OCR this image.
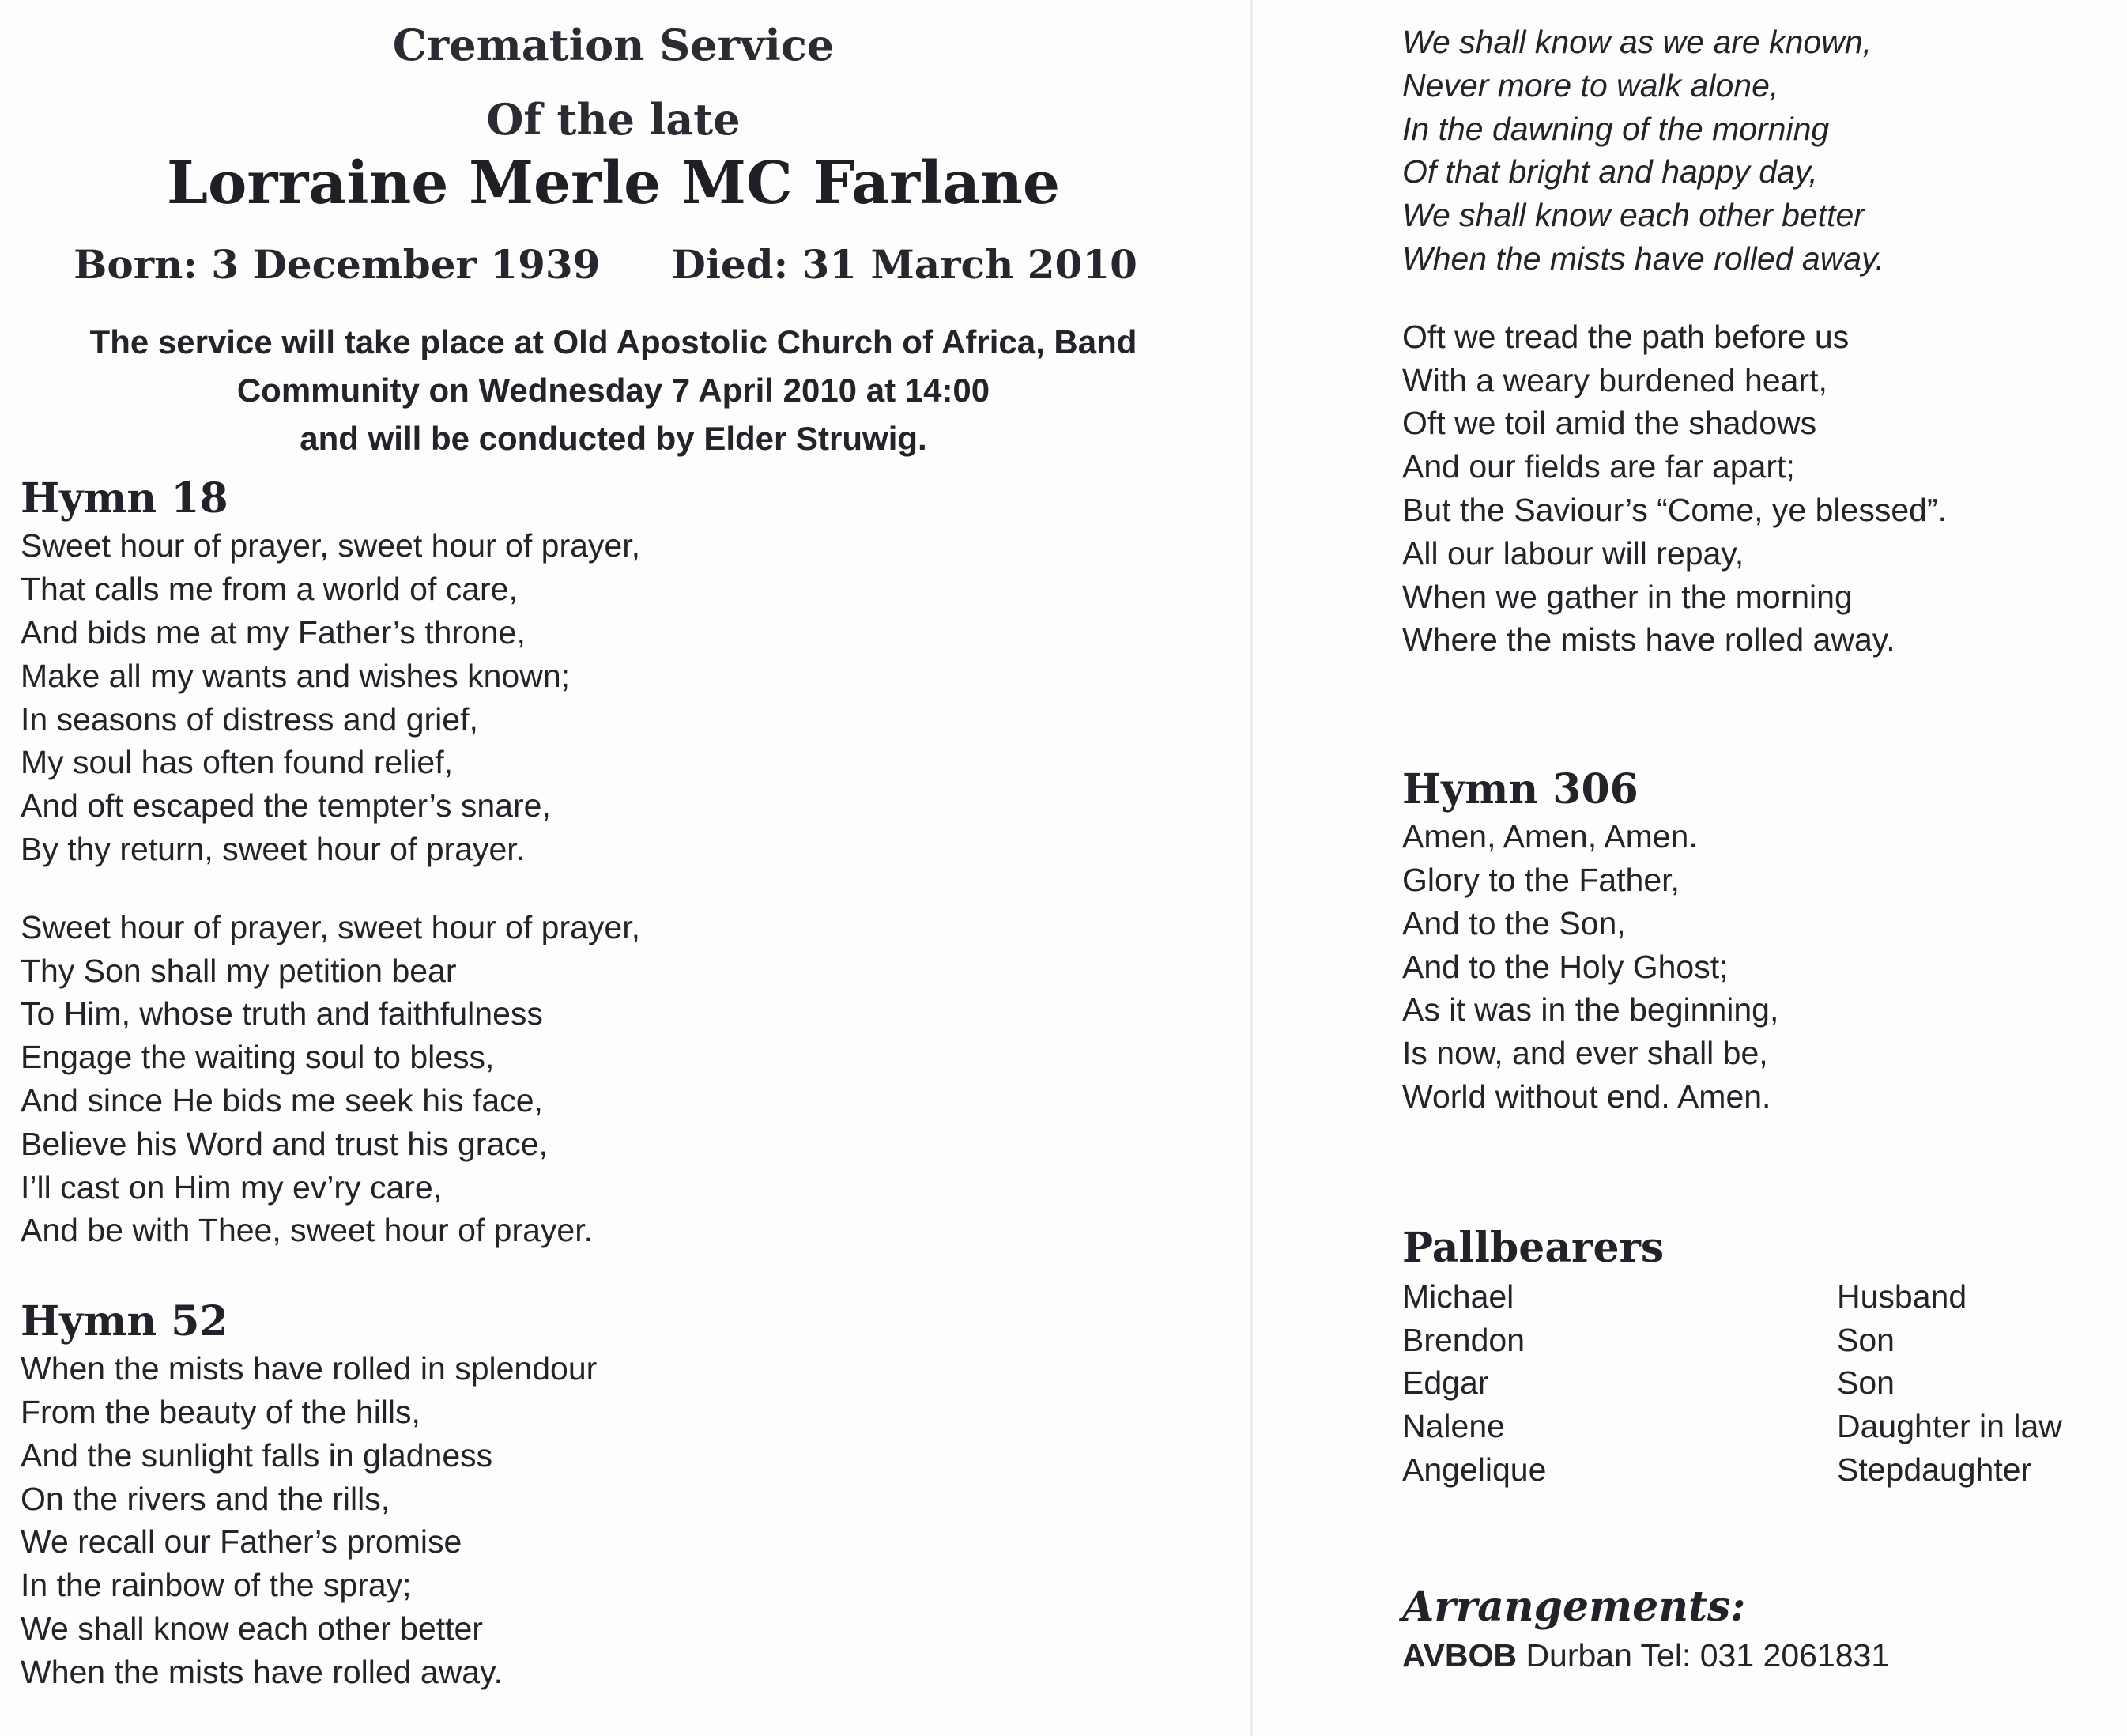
Cremation Service
Of the late
Lorraine Merle MC Farlane
Born: 3 December 1939 Died: 31 March 2010
The service will take place at Old Apostolic Church of Africa, Band
Community on Wednesday 7 April 2010 at 14:00
and will be conducted by Elder Struwig.
Hymn 18
Sweet hour of prayer, sweet hour of prayer,
That calls me from a world of care,
And bids me at my Father’s throne,
Make all my wants and wishes known;
In seasons of distress and grief,
My soul has often found relief,
And oft escaped the tempter’s snare,
By thy return, sweet hour of prayer.
Sweet hour of prayer, sweet hour of prayer,
Thy Son shall my petition bear
To Him, whose truth and faithfulness
Engage the waiting soul to bless,
And since He bids me seek his face,
Believe his Word and trust his grace,
I’ll cast on Him my ev’ry care,
And be with Thee, sweet hour of prayer.
Hymn 52
When the mists have rolled in splendour
From the beauty of the hills,
And the sunlight falls in gladness
On the rivers and the rills,
We recall our Father’s promise
In the rainbow of the spray;
We shall know each other better
When the mists have rolled away.
We shall know as we are known,
Never more to walk alone,
In the dawning of the morning
Of that bright and happy day,
We shall know each other better
When the mists have rolled away.
Oft we tread the path before us
With a weary burdened heart,
Oft we toil amid the shadows
And our fields are far apart;
But the Saviour’s “Come, ye blessed”.
All our labour will repay,
When we gather in the morning
Where the mists have rolled away.
Hymn 306
Amen, Amen, Amen.
Glory to the Father,
And to the Son,
And to the Holy Ghost;
As it was in the beginning,
Is now, and ever shall be,
World without end. Amen.
Pallbearers
Michael	Husband
Brendon	Son
Edgar	Son
Nalene	Daughter in law
Angelique	Stepdaughter
Arrangements:
AVBOB Durban Tel: 031 2061831
